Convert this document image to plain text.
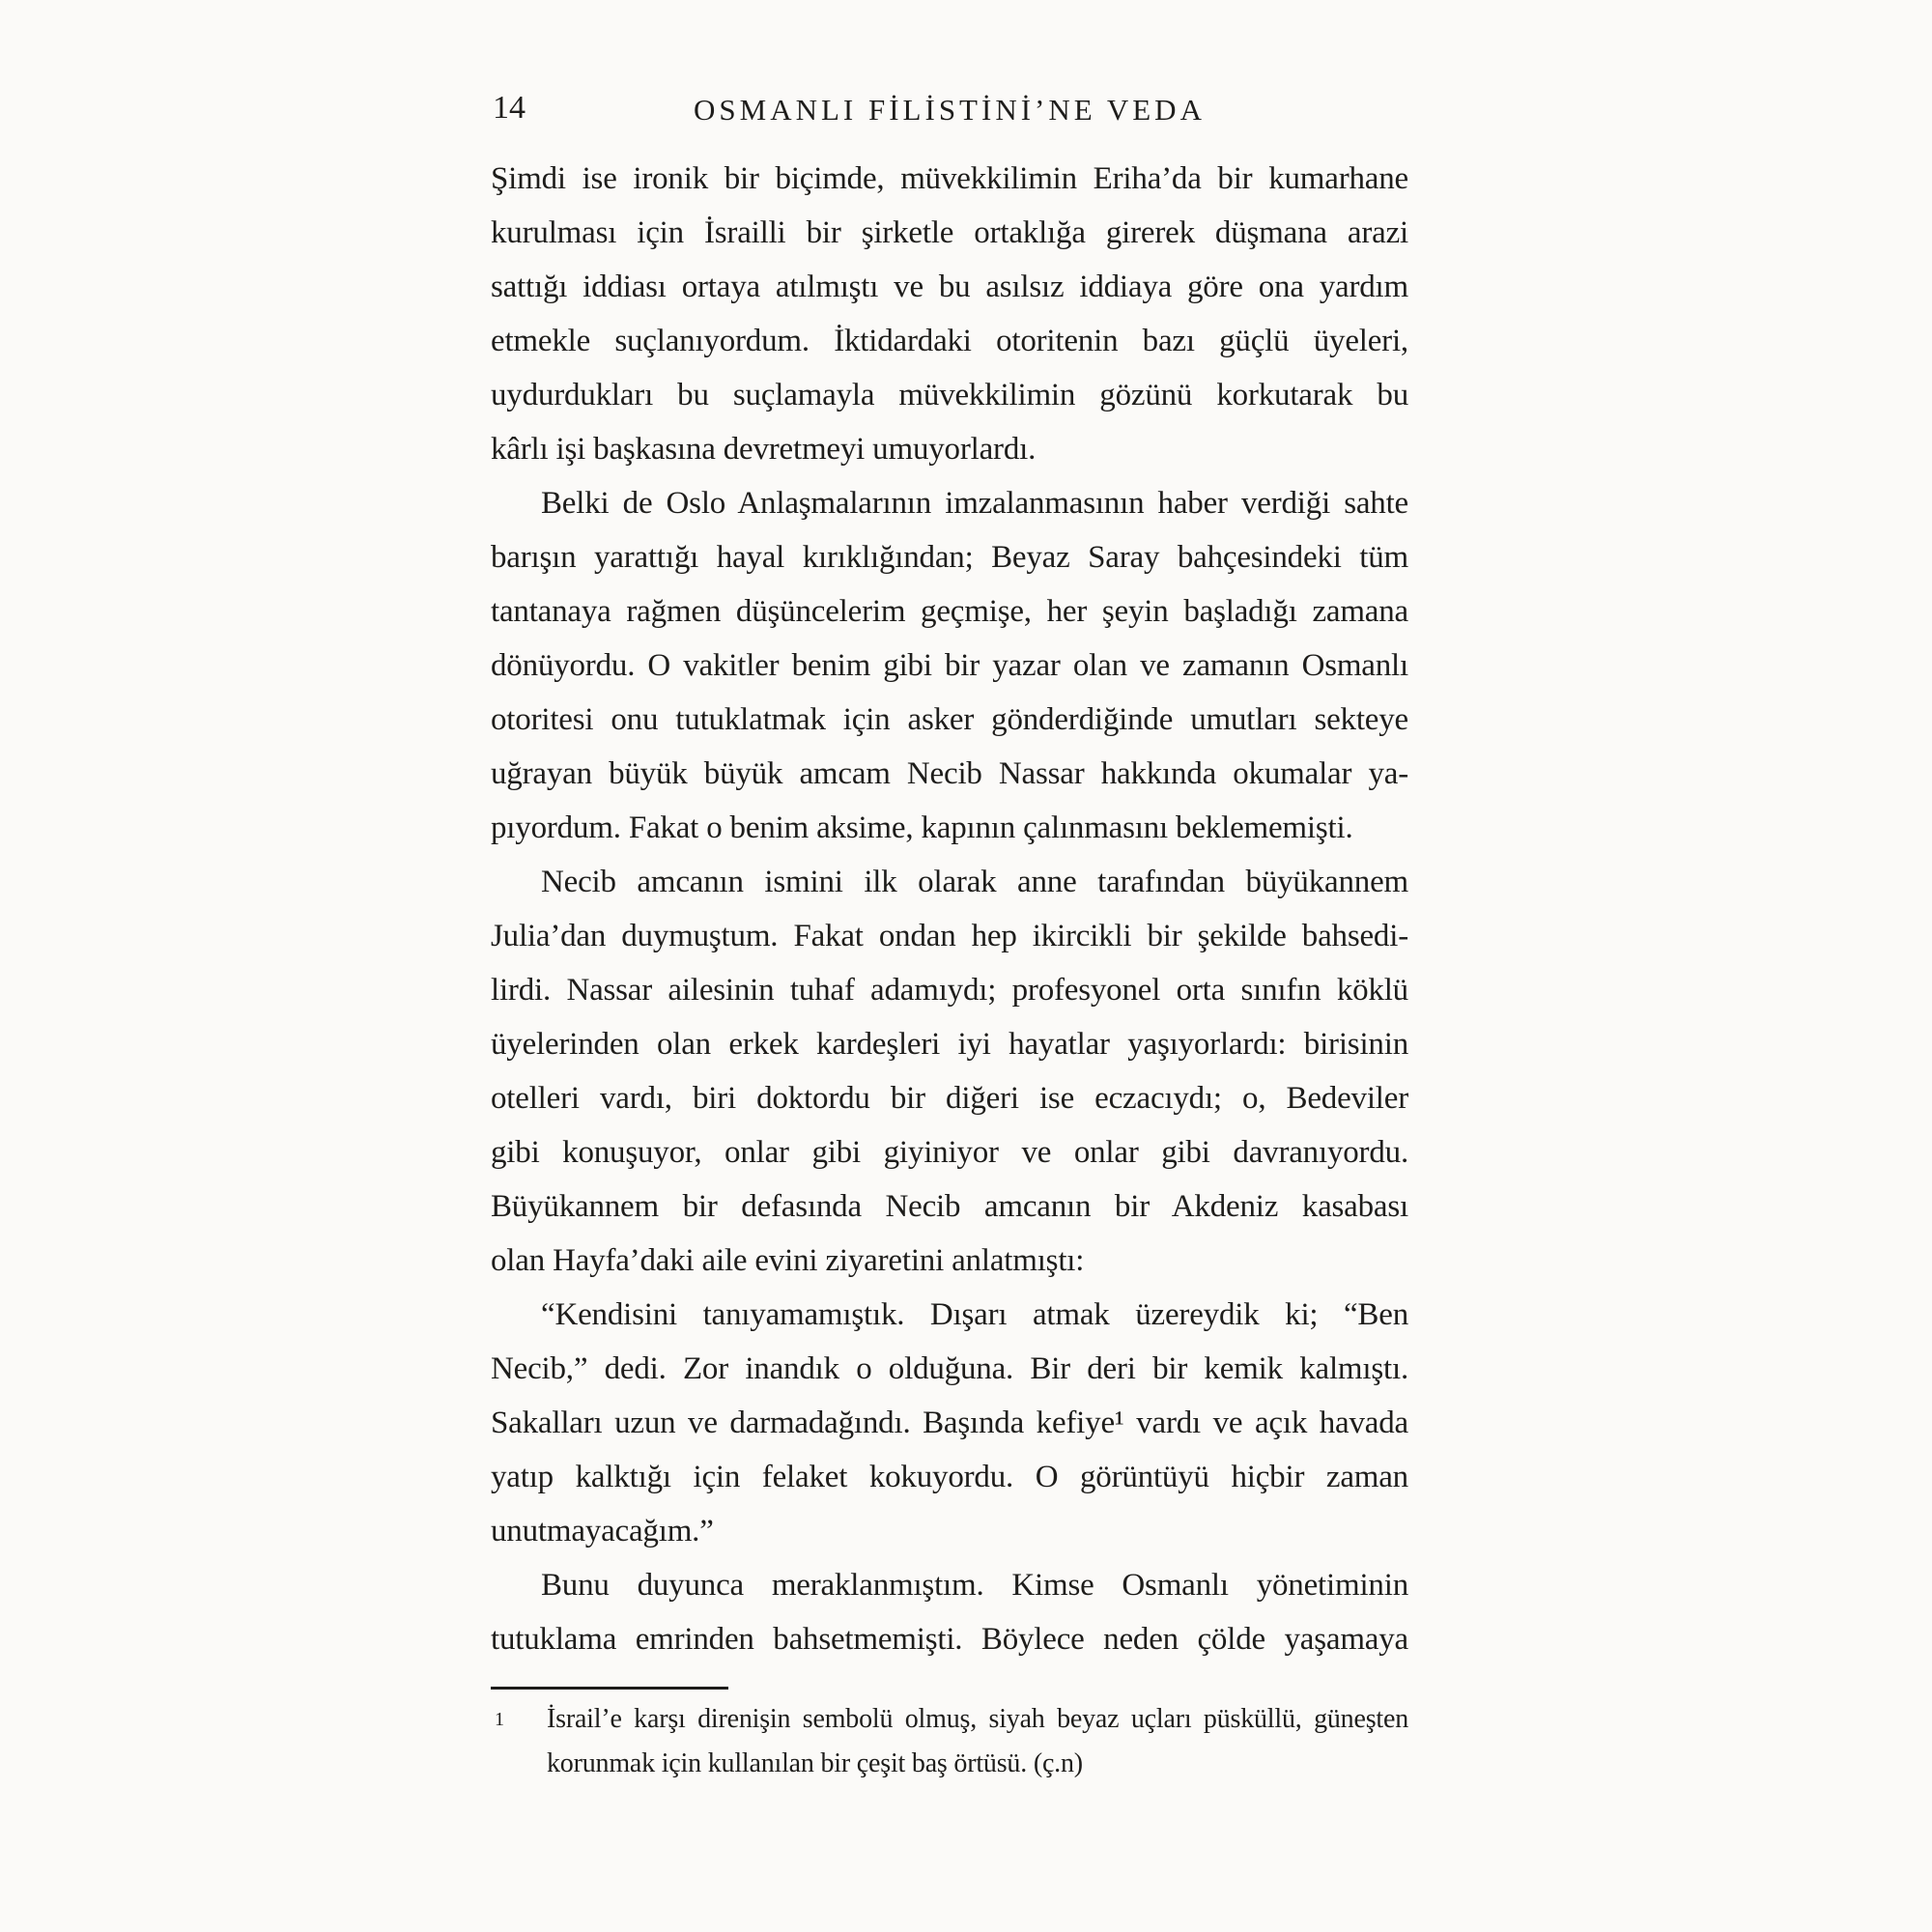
14	OSMANLI FİLİSTİNİ’NE VEDA
Şimdi ise ironik bir biçimde, müvekkilimin Eriha’da bir kumarhane
kurulması için İsrailli bir şirketle ortaklığa girerek düşmana arazi
sattığı iddiası ortaya atılmıştı ve bu asılsız iddiaya göre ona yardım
etmekle suçlanıyordum. İktidardaki otoritenin bazı güçlü üyeleri,
uydurdukları bu suçlamayla müvekkilimin gözünü korkutarak bu
kârlı işi başkasına devretmeyi umuyorlardı.
Belki de Oslo Anlaşmalarının imzalanmasının haber verdiği sahte
barışın yarattığı hayal kırıklığından; Beyaz Saray bahçesindeki tüm
tantanaya rağmen düşüncelerim geçmişe, her şeyin başladığı zamana
dönüyordu. O vakitler benim gibi bir yazar olan ve zamanın Osmanlı
otoritesi onu tutuklatmak için asker gönderdiğinde umutları sekteye
uğrayan büyük büyük amcam Necib Nassar hakkında okumalar ya-
pıyordum. Fakat o benim aksime, kapının çalınmasını beklememişti.
Necib amcanın ismini ilk olarak anne tarafından büyükannem
Julia’dan duymuştum. Fakat ondan hep ikircikli bir şekilde bahsedi-
lirdi. Nassar ailesinin tuhaf adamıydı; profesyonel orta sınıfın köklü
üyelerinden olan erkek kardeşleri iyi hayatlar yaşıyorlardı: birisinin
otelleri vardı, biri doktordu bir diğeri ise eczacıydı; o, Bedeviler
gibi konuşuyor, onlar gibi giyiniyor ve onlar gibi davranıyordu.
Büyükannem bir defasında Necib amcanın bir Akdeniz kasabası
olan Hayfa’daki aile evini ziyaretini anlatmıştı:
“Kendisini tanıyamamıştık. Dışarı atmak üzereydik ki; “Ben
Necib,” dedi. Zor inandık o olduğuna. Bir deri bir kemik kalmıştı.
Sakalları uzun ve darmadağındı. Başında kefiye¹ vardı ve açık havada
yatıp kalktığı için felaket kokuyordu. O görüntüyü hiçbir zaman
unutmayacağım.”
Bunu duyunca meraklanmıştım. Kimse Osmanlı yönetiminin
tutuklama emrinden bahsetmemişti. Böylece neden çölde yaşamaya
1 İsrail’e karşı direnişin sembolü olmuş, siyah beyaz uçları püsküllü, güneşten
korunmak için kullanılan bir çeşit baş örtüsü. (ç.n)
